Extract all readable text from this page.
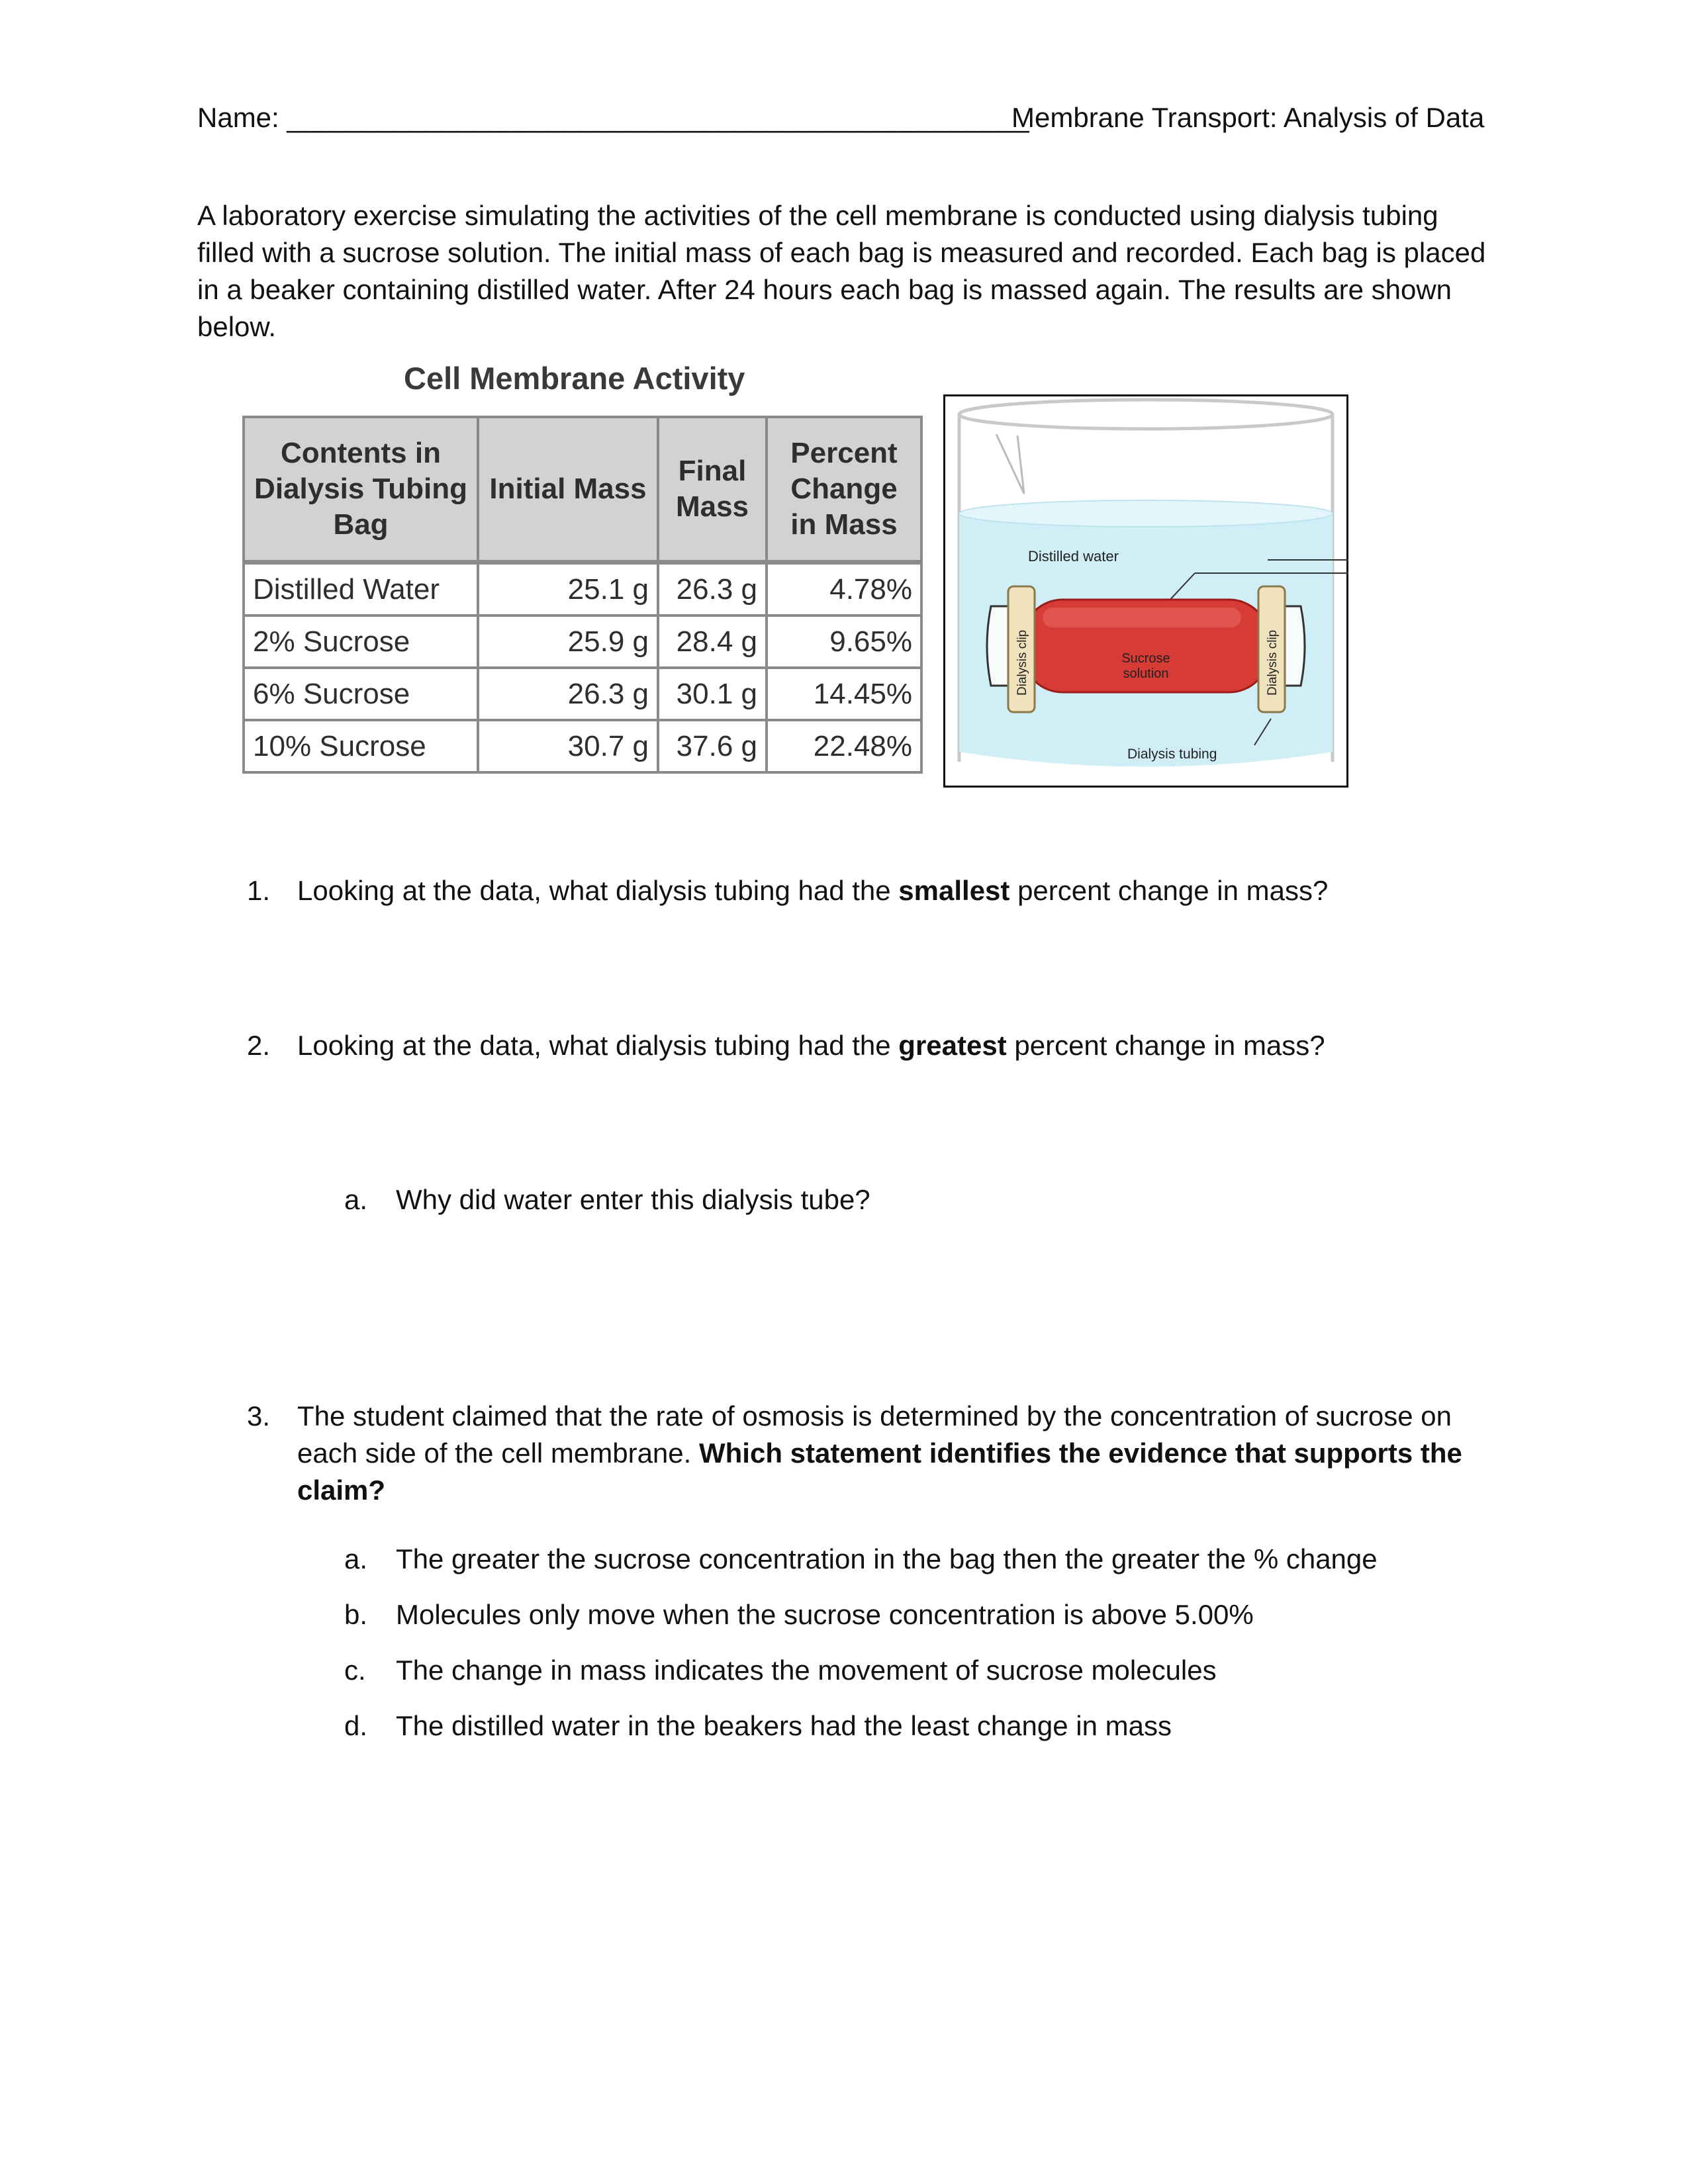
Name: ________________________________________________
Membrane Transport: Analysis of Data
A laboratory exercise simulating the activities of the cell membrane is conducted using dialysis tubing filled with a sucrose solution. The initial mass of each bag is measured and recorded. Each bag is placed in a beaker containing distilled water. After 24 hours each bag is massed again. The results are shown below.
Cell Membrane Activity
Contents in Dialysis Tubing Bag	Initial Mass	Final Mass	Percent Change in Mass
Distilled Water	25.1 g	26.3 g	4.78%
2% Sucrose	25.9 g	28.4 g	9.65%
6% Sucrose	26.3 g	30.1 g	14.45%
10% Sucrose	30.7 g	37.6 g	22.48%
Distilled water
Sucrose
solution
Dialysis clip	Dialysis clip
Dialysis tubing
1. Looking at the data, what dialysis tubing had the smallest percent change in mass?
2. Looking at the data, what dialysis tubing had the greatest percent change in mass?
a. Why did water enter this dialysis tube?
3. The student claimed that the rate of osmosis is determined by the concentration of sucrose on
each side of the cell membrane. Which statement identifies the evidence that supports the
claim?
a. The greater the sucrose concentration in the bag then the greater the % change
b. Molecules only move when the sucrose concentration is above 5.00%
c. The change in mass indicates the movement of sucrose molecules
d. The distilled water in the beakers had the least change in mass
